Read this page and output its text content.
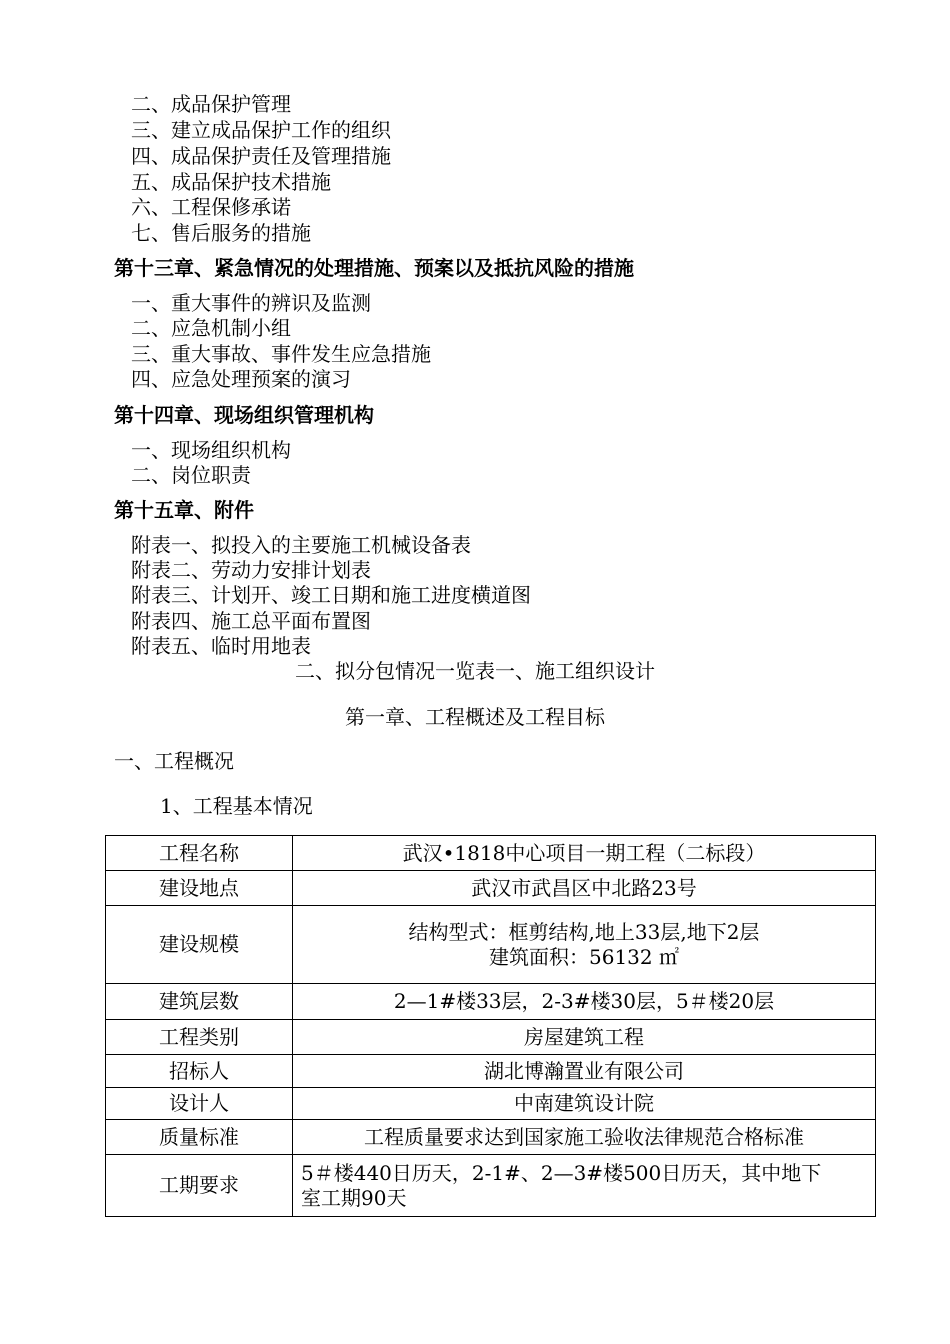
二、成品保护管理
三、建立成品保护工作的组织
四、成品保护责任及管理措施
五、成品保护技术措施
六、工程保修承诺
七、售后服务的措施
第十三章、紧急情况的处理措施、预案以及抵抗风险的措施
一、重大事件的辨识及监测
二、应急机制小组
三、重大事故、事件发生应急措施
四、应急处理预案的演习
第十四章、现场组织管理机构
一、现场组织机构
二、岗位职责
第十五章、附件
附表一、拟投入的主要施工机械设备表
附表二、劳动力安排计划表
附表三、计划开、竣工日期和施工进度横道图
附表四、施工总平面布置图
附表五、临时用地表
二、拟分包情况一览表一、施工组织设计
第一章、工程概述及工程目标
一、工程概况
1、工程基本情况
工程名称	武汉•1818中心项目一期工程（二标段）
建设地点	武汉市武昌区中北路23号
建设规模	结构型式：框剪结构,地上33层,地下2层
建筑面积：56132 ㎡

建筑层数	2—1#楼33层，2-3#楼30层，5＃楼20层
工程类别	房屋建筑工程
招标人	湖北博瀚置业有限公司
设计人	中南建筑设计院
质量标准	工程质量要求达到国家施工验收法律规范合格标准
工期要求	5＃楼440日历天，2-1#、2—3#楼500日历天，其中地下
室工期90天
